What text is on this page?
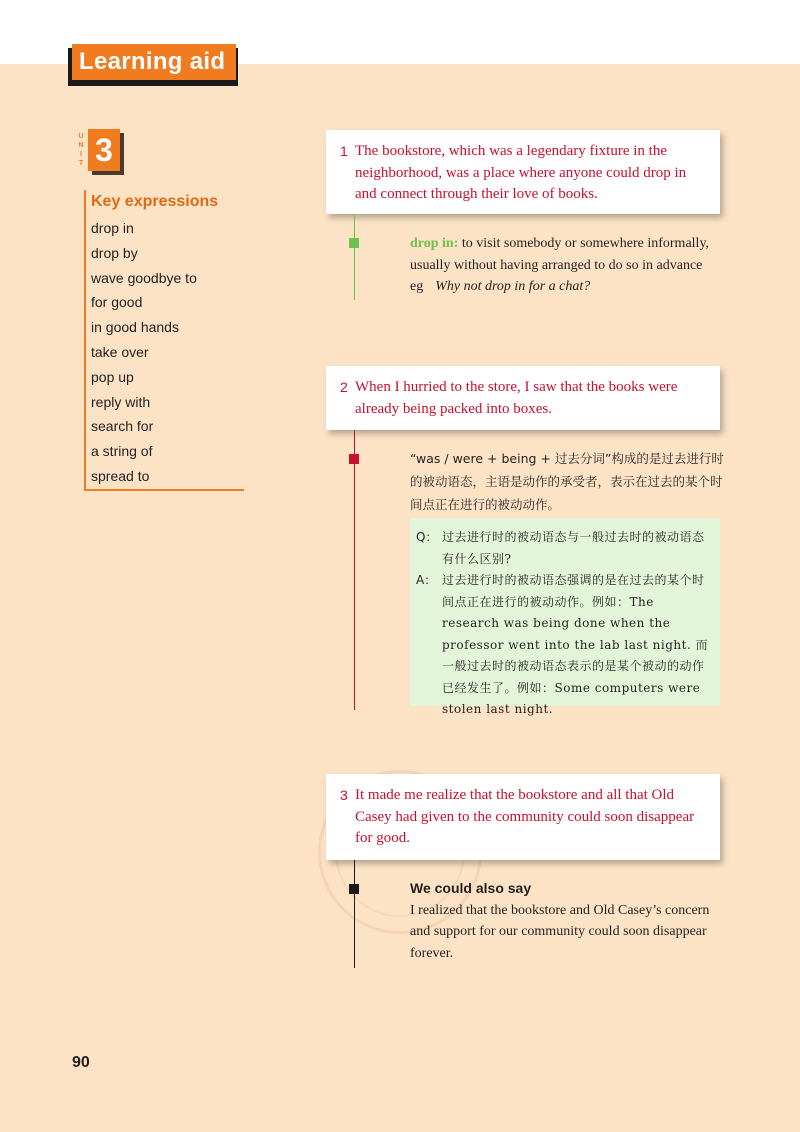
Learning aid
U
N
I
T 3
Key expressions
drop in
drop by
wave goodbye to
for good
in good hands
take over
pop up
reply with
search for
a string of
spread to
1 The bookstore, which was a legendary fixture in the neighborhood, was a place where anyone could drop in and connect through their love of books.
drop in: to visit somebody or somewhere informally, usually without having arranged to do so in advance
eg Why not drop in for a chat?
2 When I hurried to the store, I saw that the books were already being packed into boxes.
“was / were + being + 过去分词”构成的是过去进行时的被动语态，主语是动作的承受者，表示在过去的某个时间点正在进行的被动动作。
Q： 过去进行时的被动语态与一般过去时的被动语态有什么区别?
A： 过去进行时的被动语态强调的是在过去的某个时间点正在进行的被动动作。例如：The research was being done when the professor went into the lab last night. 而一般过去时的被动语态表示的是某个被动的动作已经发生了。例如：Some computers were stolen last night.
3 It made me realize that the bookstore and all that Old Casey had given to the community could soon disappear for good.
We could also say
I realized that the bookstore and Old Casey’s concern and support for our community could soon disappear forever.
90
